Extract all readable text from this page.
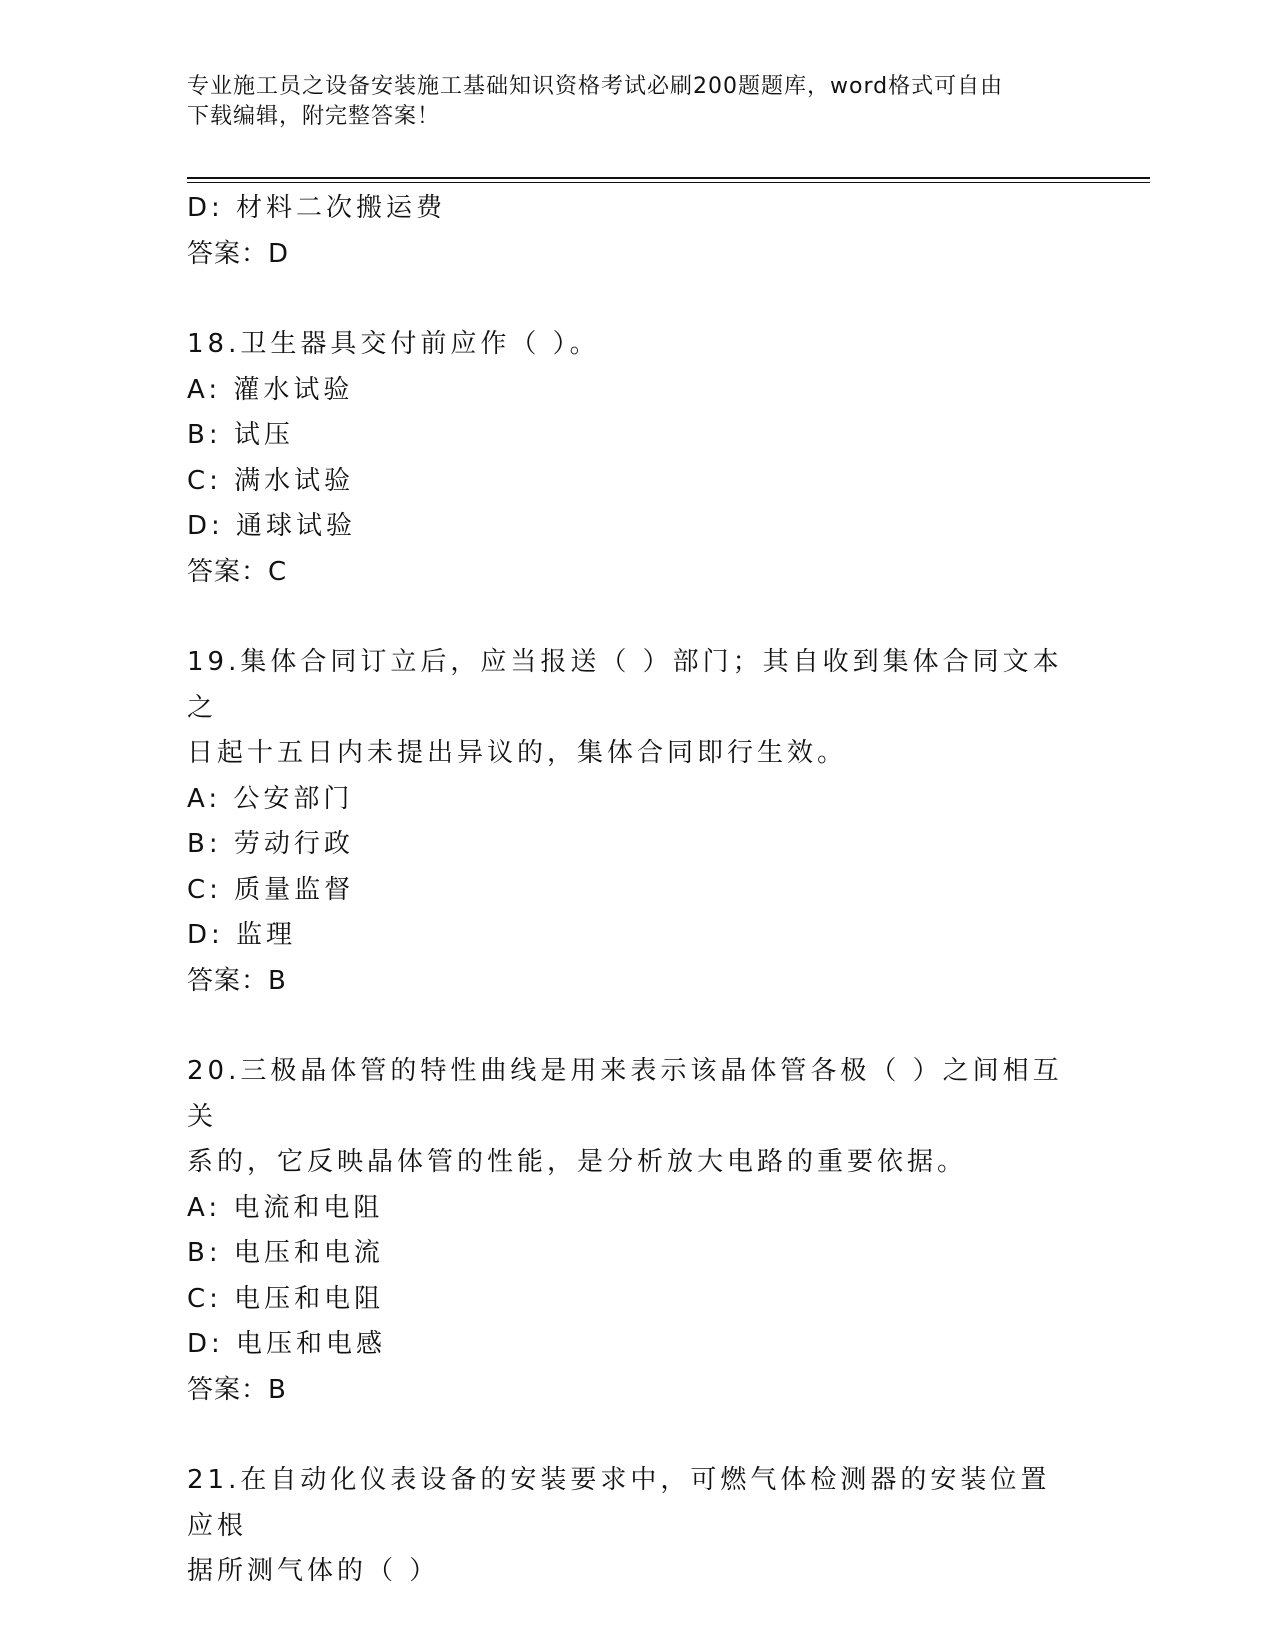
专业施工员之设备安装施工基础知识资格考试必刷200题题库，word格式可自由
下载编辑，附完整答案！
D: 材料二次搬运费
答案：D
18.卫生器具交付前应作（ ）。
A: 灌水试验
B: 试压
C: 满水试验
D: 通球试验
答案：C
19.集体合同订立后，应当报送（ ）部门；其自收到集体合同文本之
日起十五日内未提出异议的，集体合同即行生效。
A: 公安部门
B: 劳动行政
C: 质量监督
D: 监理
答案：B
20.三极晶体管的特性曲线是用来表示该晶体管各极（ ）之间相互关
系的，它反映晶体管的性能，是分析放大电路的重要依据。
A: 电流和电阻
B: 电压和电流
C: 电压和电阻
D: 电压和电感
答案：B
21.在自动化仪表设备的安装要求中，可燃气体检测器的安装位置应根
据所测气体的（ ）
